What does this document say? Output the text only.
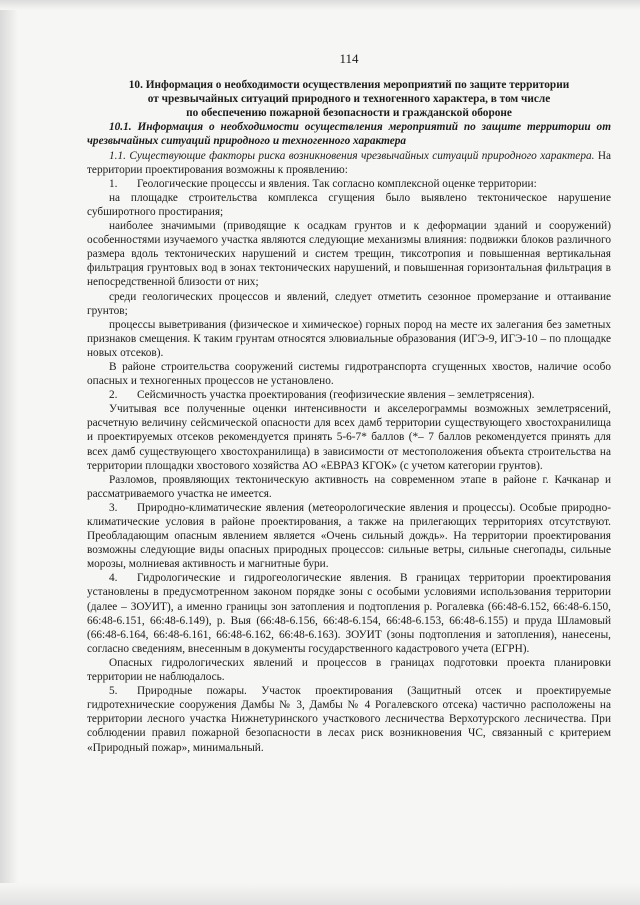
114
10. Информация о необходимости осуществления мероприятий по защите территории
от чрезвычайных ситуаций природного и техногенного характера, в том числе
по обеспечению пожарной безопасности и гражданской обороне

10.1. Информация о необходимости осуществления мероприятий по защите территории от чрезвычайных ситуаций природного и техногенного характера

1.1. Существующие факторы риска возникновения чрезвычайных ситуаций природного характера. На территории проектирования возможны к проявлению:

1. Геологические процессы и явления. Так согласно комплексной оценке территории:

на площадке строительства комплекса сгущения было выявлено тектоническое нарушение субширотного простирания;

наиболее значимыми (приводящие к осадкам грунтов и к деформации зданий и сооружений) особенностями изучаемого участка являются следующие механизмы влияния: подвижки блоков различного размера вдоль тектонических нарушений и систем трещин, тиксотропия и повышенная вертикальная фильтрация грунтовых вод в зонах тектонических нарушений, и повышенная горизонтальная фильтрация в непосредственной близости от них;

среди геологических процессов и явлений, следует отметить сезонное промерзание и оттаивание грунтов;

процессы выветривания (физическое и химическое) горных пород на месте их залегания без заметных признаков смещения. К таким грунтам относятся элювиальные образования (ИГЭ-9, ИГЭ-10 – по площадке новых отсеков).

В районе строительства сооружений системы гидротранспорта сгущенных хвостов, наличие особо опасных и техногенных процессов не установлено.

2. Сейсмичность участка проектирования (геофизические явления – землетрясения).

Учитывая все полученные оценки интенсивности и акселерограммы возможных землетрясений, расчетную величину сейсмической опасности для всех дамб территории существующего хвостохранилища и проектируемых отсеков рекомендуется принять 5-6-7* баллов (*– 7 баллов рекомендуется принять для всех дамб существующего хвостохранилища) в зависимости от местоположения объекта строительства на территории площадки хвостового хозяйства АО «ЕВРАЗ КГОК» (с учетом категории грунтов).

Разломов, проявляющих тектоническую активность на современном этапе в районе г. Качканар и рассматриваемого участка не имеется.

3. Природно-климатические явления (метеорологические явления и процессы). Особые природно-климатические условия в районе проектирования, а также на прилегающих территориях отсутствуют. Преобладающим опасным явлением является «Очень сильный дождь». На территории проектирования возможны следующие виды опасных природных процессов: сильные ветры, сильные снегопады, сильные морозы, молниевая активность и магнитные бури.

4. Гидрологические и гидрогеологические явления. В границах территории проектирования установлены в предусмотренном законом порядке зоны с особыми условиями использования территории (далее – ЗОУИТ), а именно границы зон затопления и подтопления р. Рогалевка (66:48-6.152, 66:48-6.150, 66:48-6.151, 66:48-6.149), р. Выя (66:48-6.156, 66:48-6.154, 66:48-6.153, 66:48-6.155) и пруда Шламовый (66:48-6.164, 66:48-6.161, 66:48-6.162, 66:48-6.163). ЗОУИТ (зоны подтопления и затопления), нанесены, согласно сведениям, внесенным в документы государственного кадастрового учета (ЕГРН).

Опасных гидрологических явлений и процессов в границах подготовки проекта планировки территории не наблюдалось.

5. Природные пожары. Участок проектирования (Защитный отсек и проектируемые гидротехнические сооружения Дамбы № 3, Дамбы № 4 Рогалевского отсека) частично расположены на территории лесного участка Нижнетуринского участкового лесничества Верхотурского лесничества. При соблюдении правил пожарной безопасности в лесах риск возникновения ЧС, связанный с критерием «Природный пожар», минимальный.
